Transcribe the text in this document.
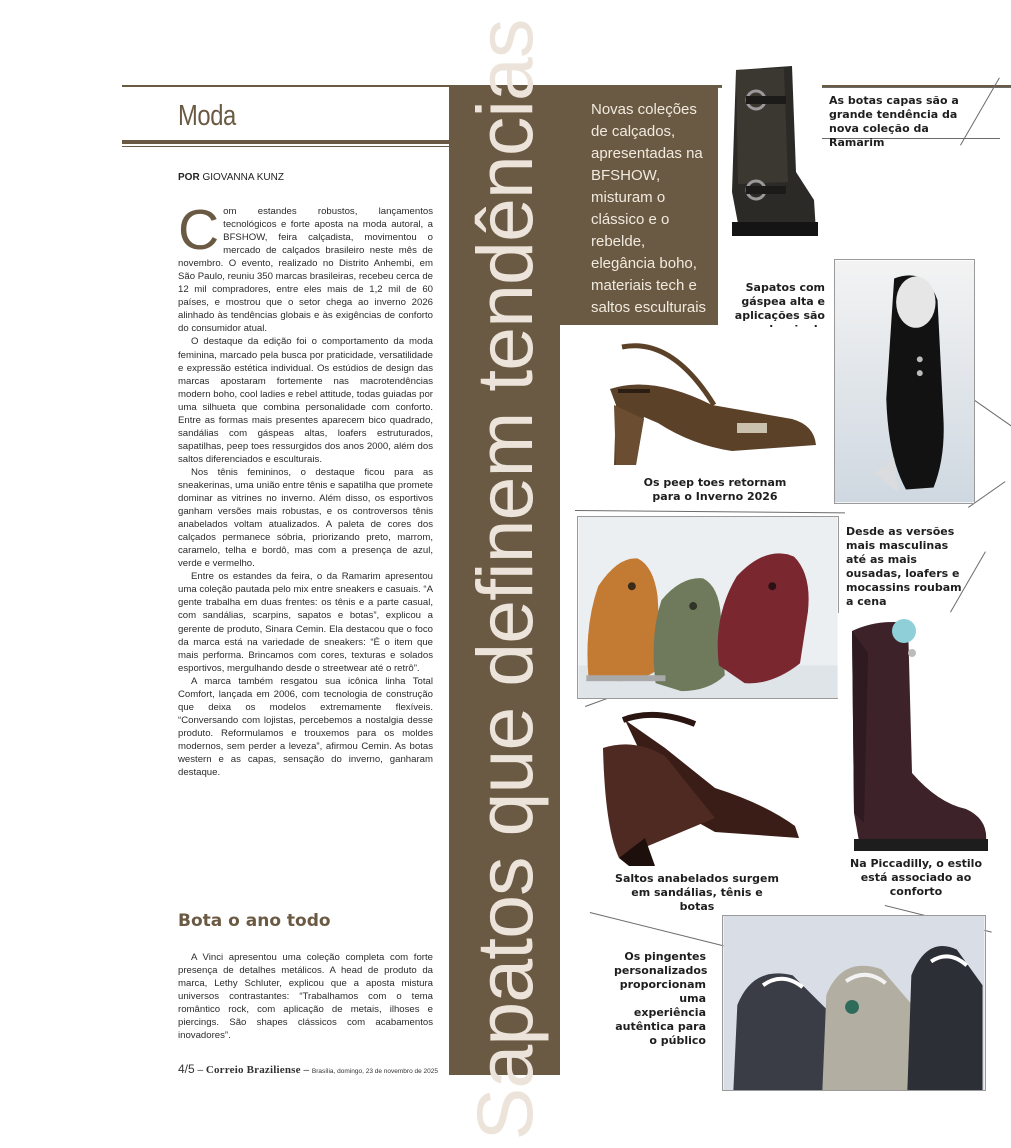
Moda
POR GIOVANNA KUNZ

Com estandes robustos, lançamentos tecnológicos e forte aposta na moda autoral, a BFSHOW, feira calçadista, movimentou o mercado de calçados brasileiro neste mês de novembro. O evento, realizado no Distrito Anhembi, em São Paulo, reuniu 350 marcas brasileiras, recebeu cerca de 12 mil compradores, entre eles mais de 1,2 mil de 60 países, e mostrou que o setor chega ao inverno 2026 alinhado às tendências globais e às exigências de conforto do consumidor atual.

O destaque da edição foi o comportamento da moda feminina, marcado pela busca por praticidade, versatilidade e expressão estética individual. Os estúdios de design das marcas apostaram fortemente nas macrotendências modern boho, cool ladies e rebel attitude, todas guiadas por uma silhueta que combina personalidade com conforto. Entre as formas mais presentes aparecem bico quadrado, sandálias com gáspeas altas, loafers estruturados, sapatilhas, peep toes ressurgidos dos anos 2000, além dos saltos diferenciados e esculturais.

Nos tênis femininos, o destaque ficou para as sneakerinas, uma união entre tênis e sapatilha que promete dominar as vitrines no inverno. Além disso, os esportivos ganham versões mais robustas, e os controversos tênis anabelados voltam atualizados. A paleta de cores dos calçados permanece sóbria, priorizando preto, marrom, caramelo, telha e bordô, mas com a presença de azul, verde e vermelho.

Entre os estandes da feira, o da Ramarim apresentou uma coleção pautada pelo mix entre sneakers e casuais. “A gente trabalha em duas frentes: os tênis e a parte casual, com sandálias, scarpins, sapatos e botas”, explicou a gerente de produto, Sinara Cemin. Ela destacou que o foco da marca está na variedade de sneakers: “É o item que mais performa. Brincamos com cores, texturas e solados esportivos, mergulhando desde o streetwear até o retrô”.

A marca também resgatou sua icônica linha Total Comfort, lançada em 2006, com tecnologia de construção que deixa os modelos extremamente flexíveis. “Conversando com lojistas, percebemos a nostalgia desse produto. Reformulamos e trouxemos para os moldes modernos, sem perder a leveza”, afirmou Cemin. As botas western e as capas, sensação do inverno, ganharam destaque.

Bota o ano todo

A Vinci apresentou uma coleção completa com forte presença de detalhes metálicos. A head de produto da marca, Lethy Schluter, explicou que a aposta mistura universos contrastantes: “Trabalhamos com o tema romântico rock, com aplicação de metais, ilhoses e piercings. São shapes clássicos com acabamentos inovadores”.	Sapatos que definem tendências	Novas coleções de calçados, apresentadas na BFSHOW, misturam o clássico e o rebelde, elegância boho, materiais tech e saltos esculturais
As botas capas são a grande tendência da nova coleção da Ramarim
Sapatos com gáspea alta e aplicações são
Os peep toes retornam para o Inverno 2026
Desde as versões mais masculinas até as mais ousadas, loafers e mocassins roubam a cena
Na Piccadilly, o estilo está associado ao conforto
Saltos anabelados surgem em sandálias, tênis e botas
Os pingentes personalizados proporcionam uma experiência autêntica para o público
4/5 – Correio Braziliense – Brasília, domingo, 23 de novembro de 2025
